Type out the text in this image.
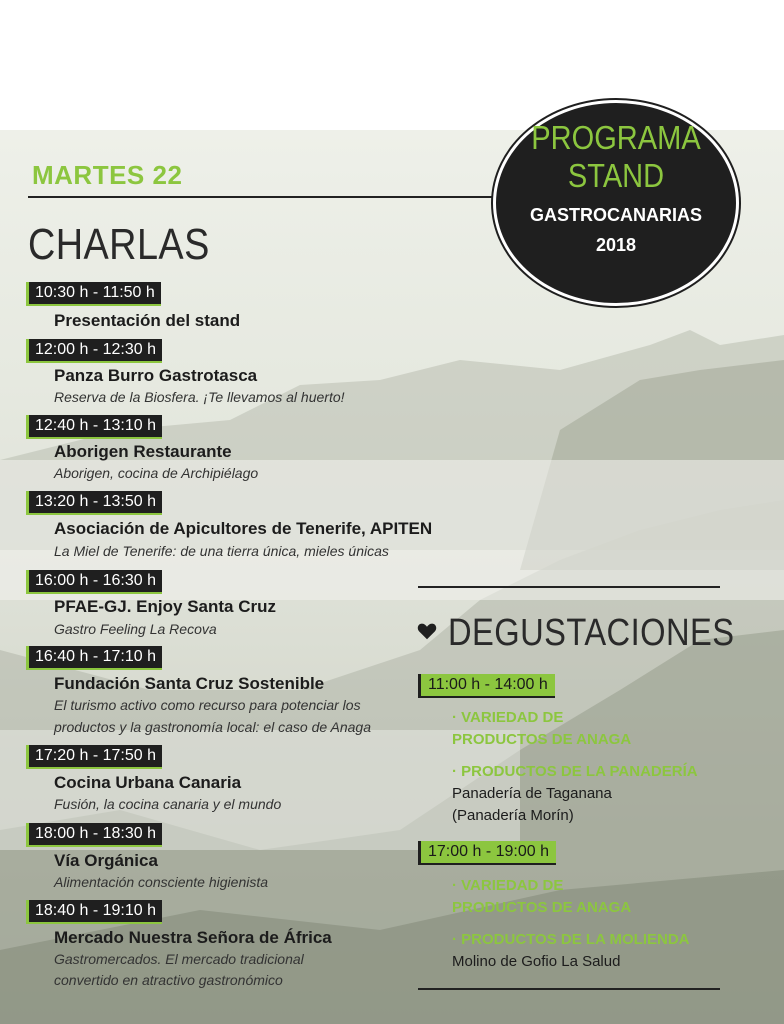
MARTES 22
CHARLAS
PROGRAMA
STAND
GASTROCANARIAS
2018
10:30 h - 11:50 h
Presentación del stand
12:00 h - 12:30 h
Panza Burro Gastrotasca
Reserva de la Biosfera. ¡Te llevamos al huerto!
12:40 h - 13:10 h
Aborigen Restaurante
Aborigen, cocina de Archipiélago
13:20 h - 13:50 h
Asociación de Apicultores de Tenerife, APITEN
La Miel de Tenerife: de una tierra única, mieles únicas
16:00 h - 16:30 h
PFAE-GJ. Enjoy Santa Cruz
Gastro Feeling La Recova
16:40 h - 17:10 h
Fundación Santa Cruz Sostenible
El turismo activo como recurso para potenciar los
productos y la gastronomía local: el caso de Anaga
17:20 h - 17:50 h
Cocina Urbana Canaria
Fusión, la cocina canaria y el mundo
18:00 h - 18:30 h
Vía Orgánica
Alimentación consciente higienista
18:40 h - 19:10 h
Mercado Nuestra Señora de África
Gastromercados. El mercado tradicional
convertido en atractivo gastronómico
DEGUSTACIONES
11:00 h - 14:00 h
· VARIEDAD DE
PRODUCTOS DE ANAGA
· PRODUCTOS DE LA PANADERÍA
Panadería de Taganana
(Panadería Morín)
17:00 h - 19:00 h
· VARIEDAD DE
PRODUCTOS DE ANAGA
· PRODUCTOS DE LA MOLIENDA
Molino de Gofio La Salud
